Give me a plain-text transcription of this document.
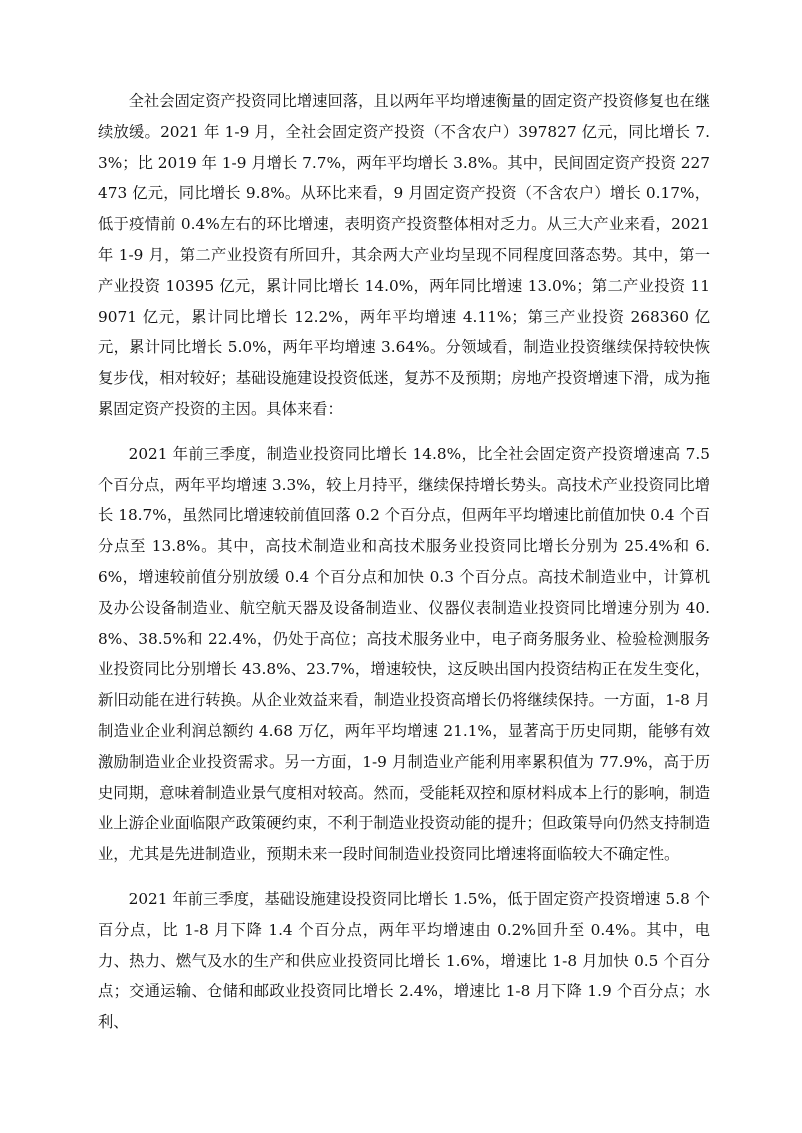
全社会固定资产投资同比增速回落，且以两年平均增速衡量的固定资产投资修复也在继续放缓。2021 年 1-9 月，全社会固定资产投资（不含农户）397827 亿元，同比增长 7.3%；比 2019 年 1-9 月增长 7.7%，两年平均增长 3.8%。其中，民间固定资产投资 227473 亿元，同比增长 9.8%。从环比来看，9 月固定资产投资（不含农户）增长 0.17%，低于疫情前 0.4%左右的环比增速，表明资产投资整体相对乏力。从三大产业来看，2021 年 1-9 月，第二产业投资有所回升，其余两大产业均呈现不同程度回落态势。其中，第一产业投资 10395 亿元，累计同比增长 14.0%，两年同比增速 13.0%；第二产业投资 119071 亿元，累计同比增长 12.2%，两年平均增速 4.11%；第三产业投资 268360 亿元，累计同比增长 5.0%，两年平均增速 3.64%。分领域看，制造业投资继续保持较快恢复步伐，相对较好；基础设施建设投资低迷，复苏不及预期；房地产投资增速下滑，成为拖累固定资产投资的主因。具体来看：

2021 年前三季度，制造业投资同比增长 14.8%，比全社会固定资产投资增速高 7.5 个百分点，两年平均增速 3.3%，较上月持平，继续保持增长势头。高技术产业投资同比增长 18.7%，虽然同比增速较前值回落 0.2 个百分点，但两年平均增速比前值加快 0.4 个百分点至 13.8%。其中，高技术制造业和高技术服务业投资同比增长分别为 25.4%和 6.6%，增速较前值分别放缓 0.4 个百分点和加快 0.3 个百分点。高技术制造业中，计算机及办公设备制造业、航空航天器及设备制造业、仪器仪表制造业投资同比增速分别为 40.8%、38.5%和 22.4%，仍处于高位；高技术服务业中，电子商务服务业、检验检测服务业投资同比分别增长 43.8%、23.7%，增速较快，这反映出国内投资结构正在发生变化，新旧动能在进行转换。从企业效益来看，制造业投资高增长仍将继续保持。一方面，1-8 月制造业企业利润总额约 4.68 万亿，两年平均增速 21.1%，显著高于历史同期，能够有效激励制造业企业投资需求。另一方面，1-9 月制造业产能利用率累积值为 77.9%，高于历史同期，意味着制造业景气度相对较高。然而，受能耗双控和原材料成本上行的影响，制造业上游企业面临限产政策硬约束，不利于制造业投资动能的提升；但政策导向仍然支持制造业，尤其是先进制造业，预期未来一段时间制造业投资同比增速将面临较大不确定性。

2021 年前三季度，基础设施建设投资同比增长 1.5%，低于固定资产投资增速 5.8 个百分点，比 1-8 月下降 1.4 个百分点，两年平均增速由 0.2%回升至 0.4%。其中，电力、热力、燃气及水的生产和供应业投资同比增长 1.6%，增速比 1-8 月加快 0.5 个百分点；交通运输、仓储和邮政业投资同比增长 2.4%，增速比 1-8 月下降 1.9 个百分点；水利、
